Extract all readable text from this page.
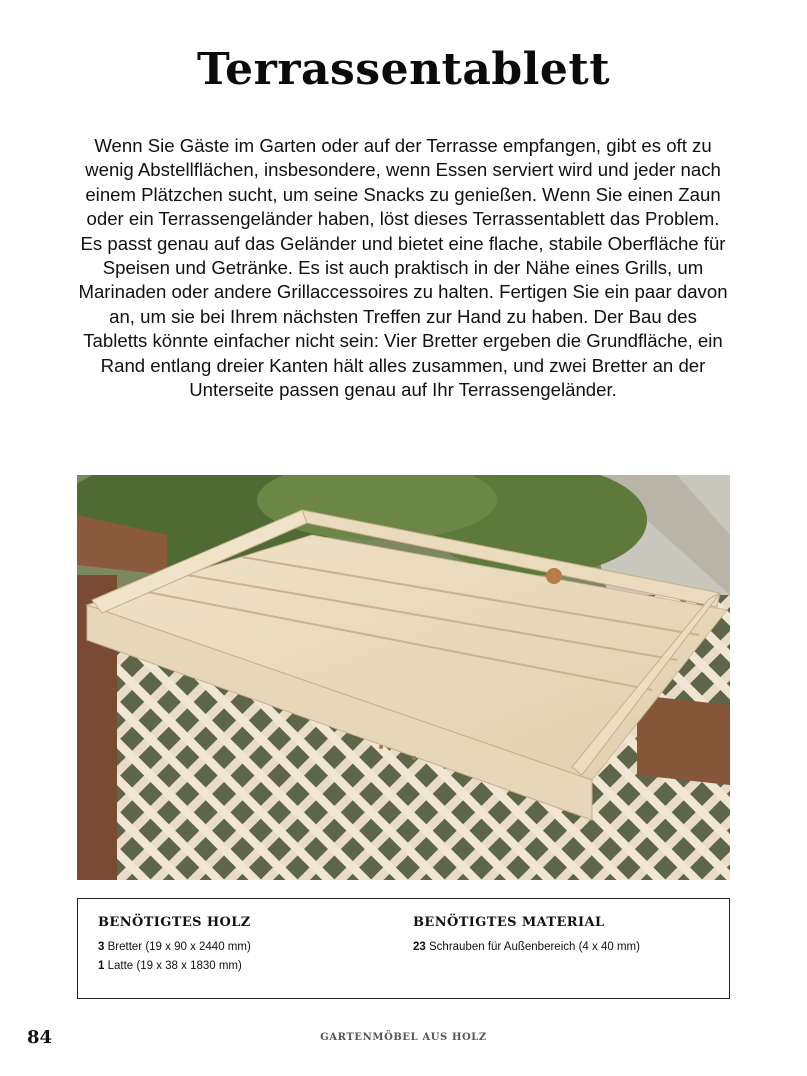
Terrassentablett
Wenn Sie Gäste im Garten oder auf der Terrasse empfangen, gibt es oft zu wenig Abstellflächen, insbesondere, wenn Essen serviert wird und jeder nach einem Plätzchen sucht, um seine Snacks zu genießen. Wenn Sie einen Zaun oder ein Terrassengeländer haben, löst dieses Terrassentablett das Problem. Es passt genau auf das Geländer und bietet eine flache, stabile Oberfläche für Speisen und Getränke. Es ist auch praktisch in der Nähe eines Grills, um Marinaden oder andere Grillaccessoires zu halten. Fertigen Sie ein paar davon an, um sie bei Ihrem nächsten Treffen zur Hand zu haben. Der Bau des Tabletts könnte einfacher nicht sein: Vier Bretter ergeben die Grundfläche, ein Rand entlang dreier Kanten hält alles zusammen, und zwei Bretter an der Unterseite passen genau auf Ihr Terrassengeländer.
BENÖTIGTES HOLZ
3 Bretter (19 x 90 x 2440 mm)
1 Latte (19 x 38 x 1830 mm)
BENÖTIGTES MATERIAL
23 Schrauben für Außenbereich (4 x 40 mm)
84	GARTENMÖBEL AUS HOLZ
